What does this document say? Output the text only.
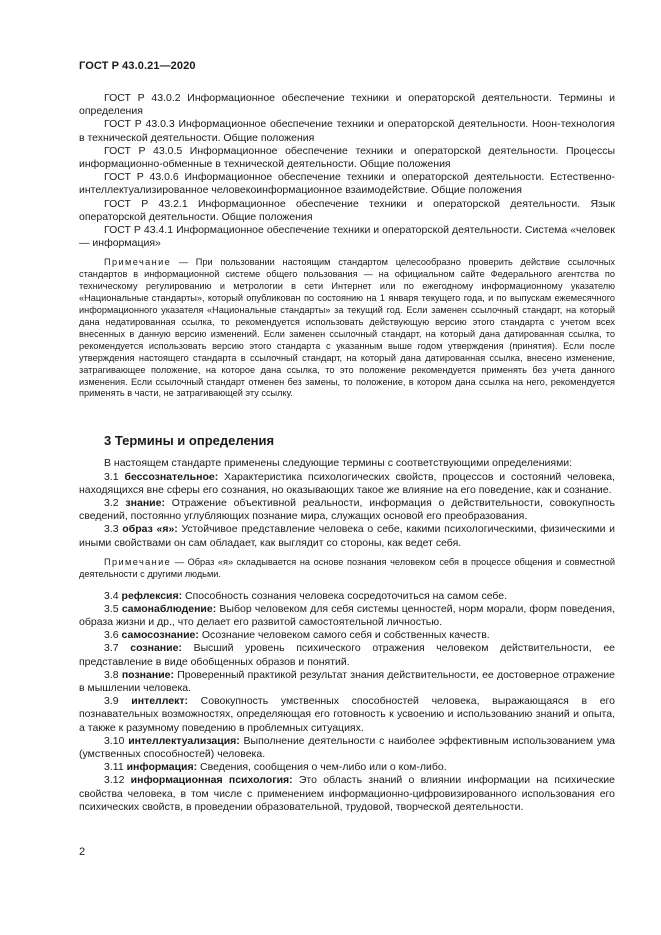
ГОСТ Р 43.0.21—2020

ГОСТ Р 43.0.2 Информационное обеспечение техники и операторской деятельности. Термины и определения

ГОСТ Р 43.0.3 Информационное обеспечение техники и операторской деятельности. Ноон-технология в технической деятельности. Общие положения

ГОСТ Р 43.0.5 Информационное обеспечение техники и операторской деятельности. Процессы информационно-обменные в технической деятельности. Общие положения

ГОСТ Р 43.0.6 Информационное обеспечение техники и операторской деятельности. Естественно-интеллектуализированное человекоинформационное взаимодействие. Общие положения

ГОСТ Р 43.2.1 Информационное обеспечение техники и операторской деятельности. Язык операторской деятельности. Общие положения

ГОСТ Р 43.4.1 Информационное обеспечение техники и операторской деятельности. Система «человек — информация»

Примечание — При пользовании настоящим стандартом целесообразно проверить действие ссылочных стандартов в информационной системе общего пользования — на официальном сайте Федерального агентства по техническому регулированию и метрологии в сети Интернет или по ежегодному информационному указателю «Национальные стандарты», который опубликован по состоянию на 1 января текущего года, и по выпускам ежемесячного информационного указателя «Национальные стандарты» за текущий год. Если заменен ссылочный стандарт, на который дана недатированная ссылка, то рекомендуется использовать действующую версию этого стандарта с учетом всех внесенных в данную версию изменений. Если заменен ссылочный стандарт, на который дана датированная ссылка, то рекомендуется использовать версию этого стандарта с указанным выше годом утверждения (принятия). Если после утверждения настоящего стандарта в ссылочный стандарт, на который дана датированная ссылка, внесено изменение, затрагивающее положение, на которое дана ссылка, то это положение рекомендуется применять без учета данного изменения. Если ссылочный стандарт отменен без замены, то положение, в котором дана ссылка на него, рекомендуется применять в части, не затрагивающей эту ссылку.

3 Термины и определения

В настоящем стандарте применены следующие термины с соответствующими определениями:

3.1 бессознательное: Характеристика психологических свойств, процессов и состояний человека, находящихся вне сферы его сознания, но оказывающих такое же влияние на его поведение, как и сознание.

3.2 знание: Отражение объективной реальности, информация о действительности, совокупность сведений, постоянно углубляющих познание мира, служащих основой его преобразования.

3.3 образ «я»: Устойчивое представление человека о себе, какими психологическими, физическими и иными свойствами он сам обладает, как выглядит со стороны, как ведет себя.

Примечание — Образ «я» складывается на основе познания человеком себя в процессе общения и совместной деятельности с другими людьми.

3.4 рефлексия: Способность сознания человека сосредоточиться на самом себе.

3.5 самонаблюдение: Выбор человеком для себя системы ценностей, норм морали, форм поведения, образа жизни и др., что делает его развитой самостоятельной личностью.

3.6 самосознание: Осознание человеком самого себя и собственных качеств.

3.7 сознание: Высший уровень психического отражения человеком действительности, ее представление в виде обобщенных образов и понятий.

3.8 познание: Проверенный практикой результат знания действительности, ее достоверное отражение в мышлении человека.

3.9 интеллект: Совокупность умственных способностей человека, выражающаяся в его познавательных возможностях, определяющая его готовность к усвоению и использованию знаний и опыта, а также к разумному поведению в проблемных ситуациях.

3.10 интеллектуализация: Выполнение деятельности с наиболее эффективным использованием ума (умственных способностей) человека.

3.11 информация: Сведения, сообщения о чем-либо или о ком-либо.

3.12 информационная психология: Это область знаний о влиянии информации на психические свойства человека, в том числе с применением информационно-цифровизированного использования его психических свойств, в проведении образовательной, трудовой, творческой деятельности.

2
